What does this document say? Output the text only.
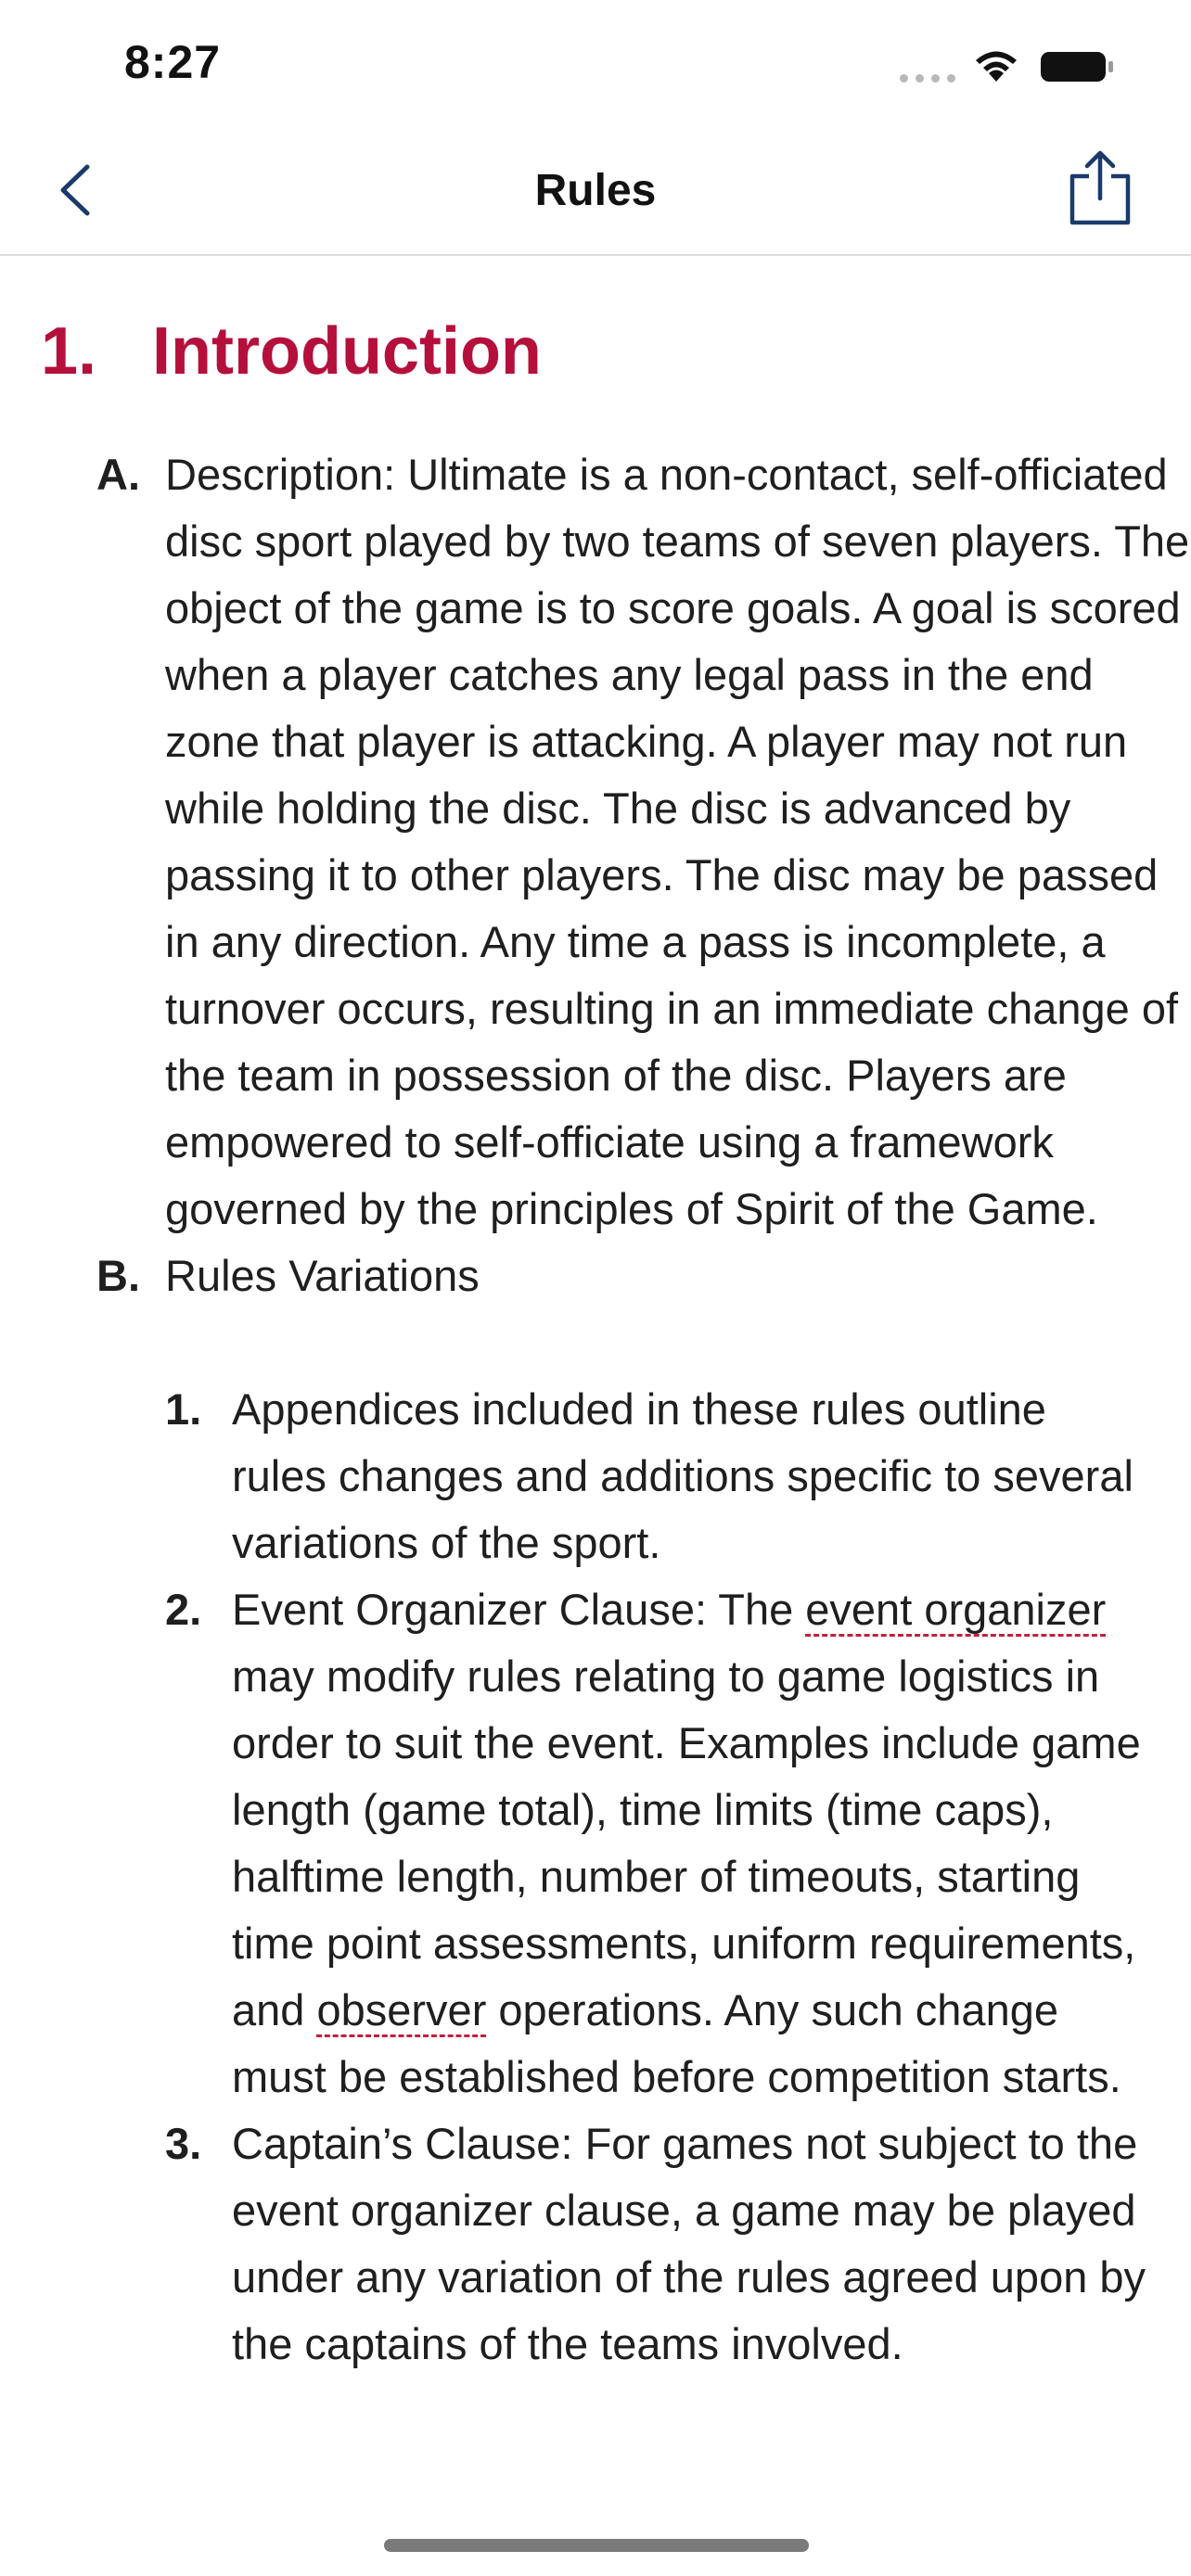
8:27
Rules
1. Introduction
A. Description: Ultimate is a non-contact, self-officiated disc sport played by two teams of seven players. The object of the game is to score goals. A goal is scored when a player catches any legal pass in the end zone that player is attacking. A player may not run while holding the disc. The disc is advanced by passing it to other players. The disc may be passed in any direction. Any time a pass is incomplete, a turnover occurs, resulting in an immediate change of the team in possession of the disc. Players are empowered to self-officiate using a framework governed by the principles of Spirit of the Game.
B. Rules Variations
1. Appendices included in these rules outline rules changes and additions specific to several variations of the sport.
2. Event Organizer Clause: The event organizer may modify rules relating to game logistics in order to suit the event. Examples include game length (game total), time limits (time caps), halftime length, number of timeouts, starting time point assessments, uniform requirements, and observer operations. Any such change must be established before competition starts.
3. Captain’s Clause: For games not subject to the event organizer clause, a game may be played under any variation of the rules agreed upon by the captains of the teams involved.
